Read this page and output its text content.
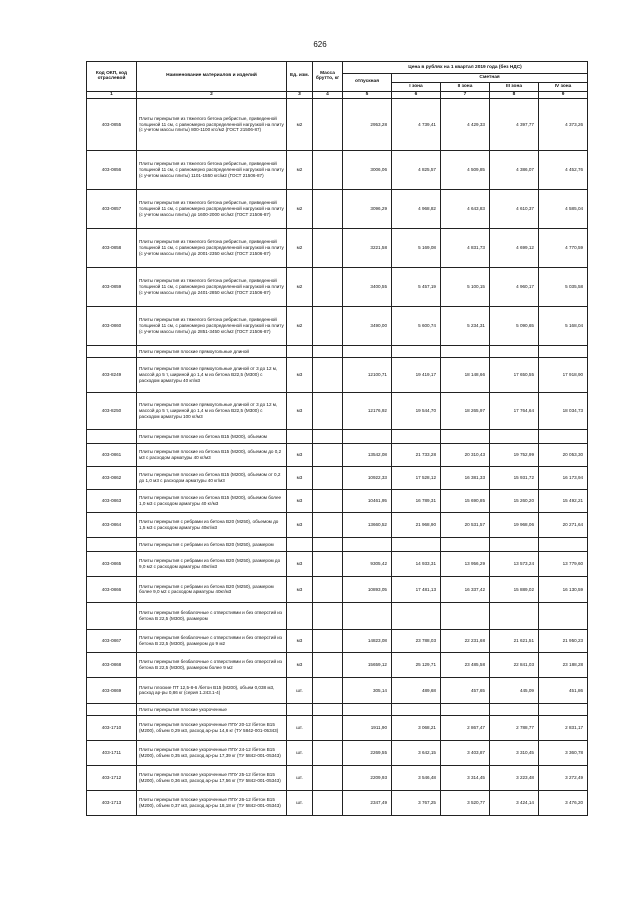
626
Код ОКП, код отраслевой	Наименование материалов и изделий	Ед. изм.	Масса брутто, кг	Цена в рублях на 1 квартал 2019 года (без НДС)				
				отпускная	Сметная			
					I зона	II зона	III зона	IV зона
1	2	3	4	5	6	7	8	9
403-0855	Плиты перекрытия из тяжелого бетона ребристые, приведенной толщиной 11 см, с равномерно распределенной нагрузкой на плиту (с учетом массы плиты) 800-1100 кгс/м2 (ГОСТ 21506-87)	м2		2953,28	4 739,41	4 429,33	4 397,77	4 373,26
403-0856	Плиты перекрытия из тяжелого бетона ребристые, приведенной толщиной 11 см, с равномерно распределенной нагрузкой на плиту (с учетом массы плиты) 1101-1550 кгс/м2 (ГОСТ 21506-87)	м2		3006,06	4 825,57	4 509,85	4 386,07	4 452,76
403-0857	Плиты перекрытия из тяжелого бетона ребристые, приведенной толщиной 11 см, с равномерно распределенной нагрузкой на плиту (с учетом массы плиты) до 1600-2000 кгс/м2 (ГОСТ 21506-87)	м2		3096,29	4 968,82	4 643,83	4 610,37	4 585,04
403-0858	Плиты перекрытия из тяжелого бетона ребристые, приведенной толщиной 11 см, с равномерно распределенной нагрузкой на плиту (с учетом массы плиты) до 2001-2350 кгс/м2 (ГОСТ 21506-87)	м2		3221,58	5 169,08	4 831,73	4 699,12	4 770,59
403-0859	Плиты перекрытия из тяжелого бетона ребристые, приведенной толщиной 11 см, с равномерно распределенной нагрузкой на плиту (с учетом массы плиты) до 2401-2850 кгс/м2 (ГОСТ 21506-87)	м2		3400,55	5 457,19	5 100,15	4 960,17	5 035,58
403-0860	Плиты перекрытия из тяжелого бетона ребристые, приведенной толщиной 11 см, с равномерно распределенной нагрузкой на плиту (с учетом массы плиты) до 2851-3450 кгс/м2 (ГОСТ 21506-87)	м2		3490,00	5 600,74	5 234,31	5 090,65	5 168,04
	Плиты перекрытия плоские прямоугольные длиной							
403-8249	Плиты перекрытия плоские прямоугольные длиной от 3 до 12 м, массой до 5 т, шириной до 1,4 м из бетона В22,5 (М300) с расходом арматуры 40 кг/м3	м3		12100,71	19 419,17	18 148,66	17 650,55	17 918,90
403-8250	Плиты перекрытия плоские прямоугольные длиной от 3 до 12 м, массой до 5 т, шириной до 1,4 м из бетона В22,5 (М300) с расходом арматуры 100 кг/м3	м3		12176,92	19 544,70	18 265,97	17 764,64	18 034,73
	Плиты перекрытия плоские из бетона В15 (М200), объемом							
403-0861	Плиты перекрытия плоские из бетона В15 (М200), объемом до 0,2 м3 с расходом арматуры 40 кг/м3	м3		13542,08	21 733,28	20 310,43	19 752,99	20 053,30
403-0862	Плиты перекрытия плоские из бетона В15 (М200), объемом от 0,2 до 1,0 м3 с расходом арматуры 40 кг/м3	м3		10922,33	17 528,12	16 381,33	15 931,72	16 173,94
403-0863	Плиты перекрытия плоские из бетона В15 (М200), объемом более 1,0 м3 с расходом арматуры 40 кг/м3	м3		10461,95	16 789,31	15 690,85	15 260,20	15 492,21
403-0864	Плиты перекрытия с ребрами из бетона В20 (М250), объемом до 1,5 м3 с расходом арматуры 40кг/м3	м3		13660,52	21 968,90	20 531,57	19 968,06	20 271,64
	Плиты перекрытия с ребрами из бетона В20 (М250), размером							
403-0865	Плиты перекрытия с ребрами из бетона В20 (М250), размером до 9,0 м2 с расходом арматуры 40кг/м3	м3		9305,42	14 933,31	13 956,29	13 573,24	13 779,60
403-0866	Плиты перекрытия с ребрами из бетона В20 (М250), размером более 9,0 м2 с расходом арматуры 40кг/м3	м3		10893,05	17 481,13	16 337,42	15 889,02	16 130,59
	Плиты перекрытия безбалочные с отверстиями и без отверстий из бетона В 22,5 (М300), размером							
403-0867	Плиты перекрытия безбалочные с отверстиями и без отверстий из бетона В 22,5 (М300), размером до 9 м2	м3		14823,08	23 788,03	22 231,68	21 621,51	21 950,23
403-0868	Плиты перекрытия безбалочные с отверстиями и без отверстий из бетона В 22,5 (М300), размером более 9 м2	м3		15659,12	25 129,71	23 485,58	22 841,03	23 188,28
403-0869	Плиты плоские ПТ 12,5-8-6 /бетон В15 (М200), объем 0,038 м3, расход ар-ры 0,86 кг (серия 1.243.1-4)	шт.		305,14	489,68	457,65	445,09	451,86
	Плиты перекрытия плоские укороченные							
403-1710	Плиты перекрытия плоские укороченные ППУ 20-12 /бетон В15 (М200), объем 0,29 м3, расход ар-ры 14,6 кг (ТУ 5842-001-05343)	шт.		1911,90	3 068,21	2 867,47	2 788,77	2 831,17
403-1711	Плиты перекрытия плоские укороченные ППУ 24-12 /бетон В15 (М200), объем 0,35 м3, расход ар-ры 17,39 кг (ТУ 5842-001-05343)	шт.		2269,55	3 642,15	3 403,87	3 310,45	3 360,78
403-1712	Плиты перекрытия плоские укороченные ППУ 25-12 /бетон В15 (М200), объем 0,36 м3, расход ар-ры 17,56 кг (ТУ 5842-001-05343)	шт.		2209,93	3 546,48	3 314,45	3 223,48	3 272,49
403-1713	Плиты перекрытия плоские укороченные ППУ 26-12 /бетон В15 (М200), объем 0,37 м3, расход ар-ры 18,18 кг (ТУ 5842-001-05343)	шт.		2347,49	3 767,25	3 520,77	3 424,14	3 476,20
